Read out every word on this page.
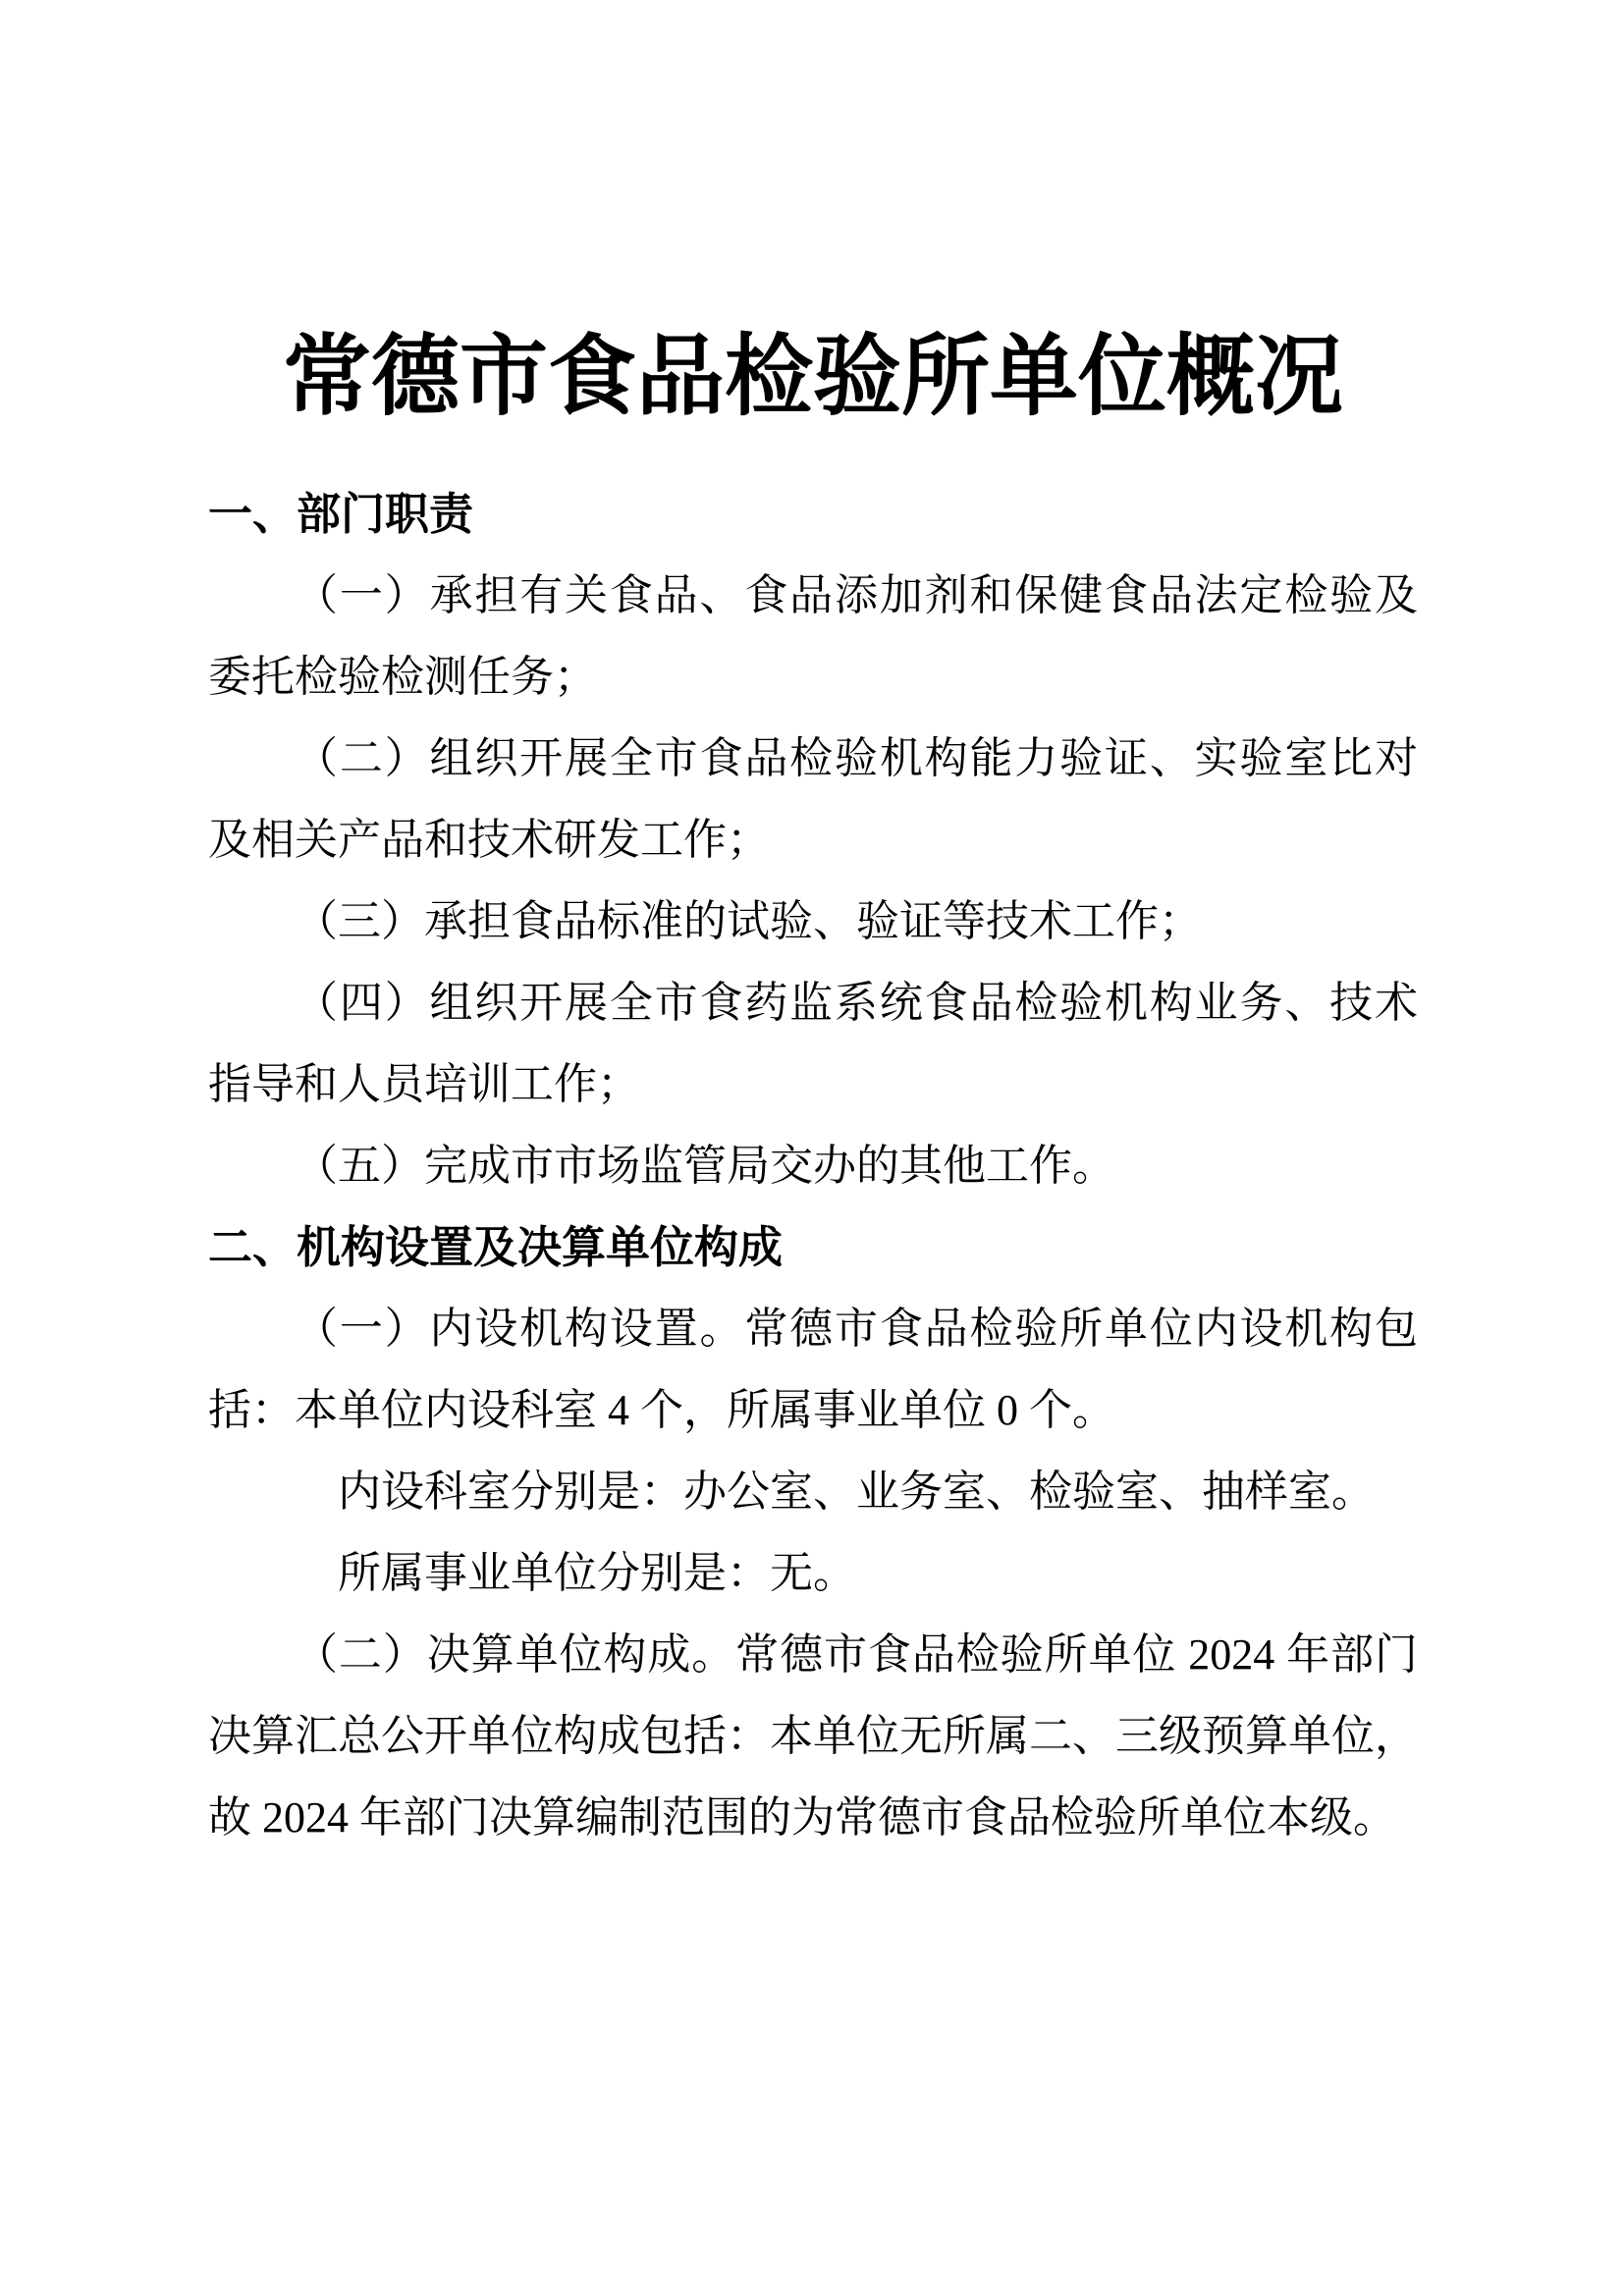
常德市食品检验所单位概况
一、部门职责
（一）承担有关食品、食品添加剂和保健食品法定检验及
委托检验检测任务；
（二）组织开展全市食品检验机构能力验证、实验室比对
及相关产品和技术研发工作；
（三）承担食品标准的试验、验证等技术工作；
（四）组织开展全市食药监系统食品检验机构业务、技术
指导和人员培训工作；
（五）完成市市场监管局交办的其他工作。
二、机构设置及决算单位构成
（一）内设机构设置。常德市食品检验所单位内设机构包
括：本单位内设科室 4 个，所属事业单位 0 个。
内设科室分别是：办公室、业务室、检验室、抽样室。
所属事业单位分别是：无。
（二）决算单位构成。常德市食品检验所单位 2024 年部门
决算汇总公开单位构成包括：本单位无所属二、三级预算单位，
故 2024 年部门决算编制范围的为常德市食品检验所单位本级。
